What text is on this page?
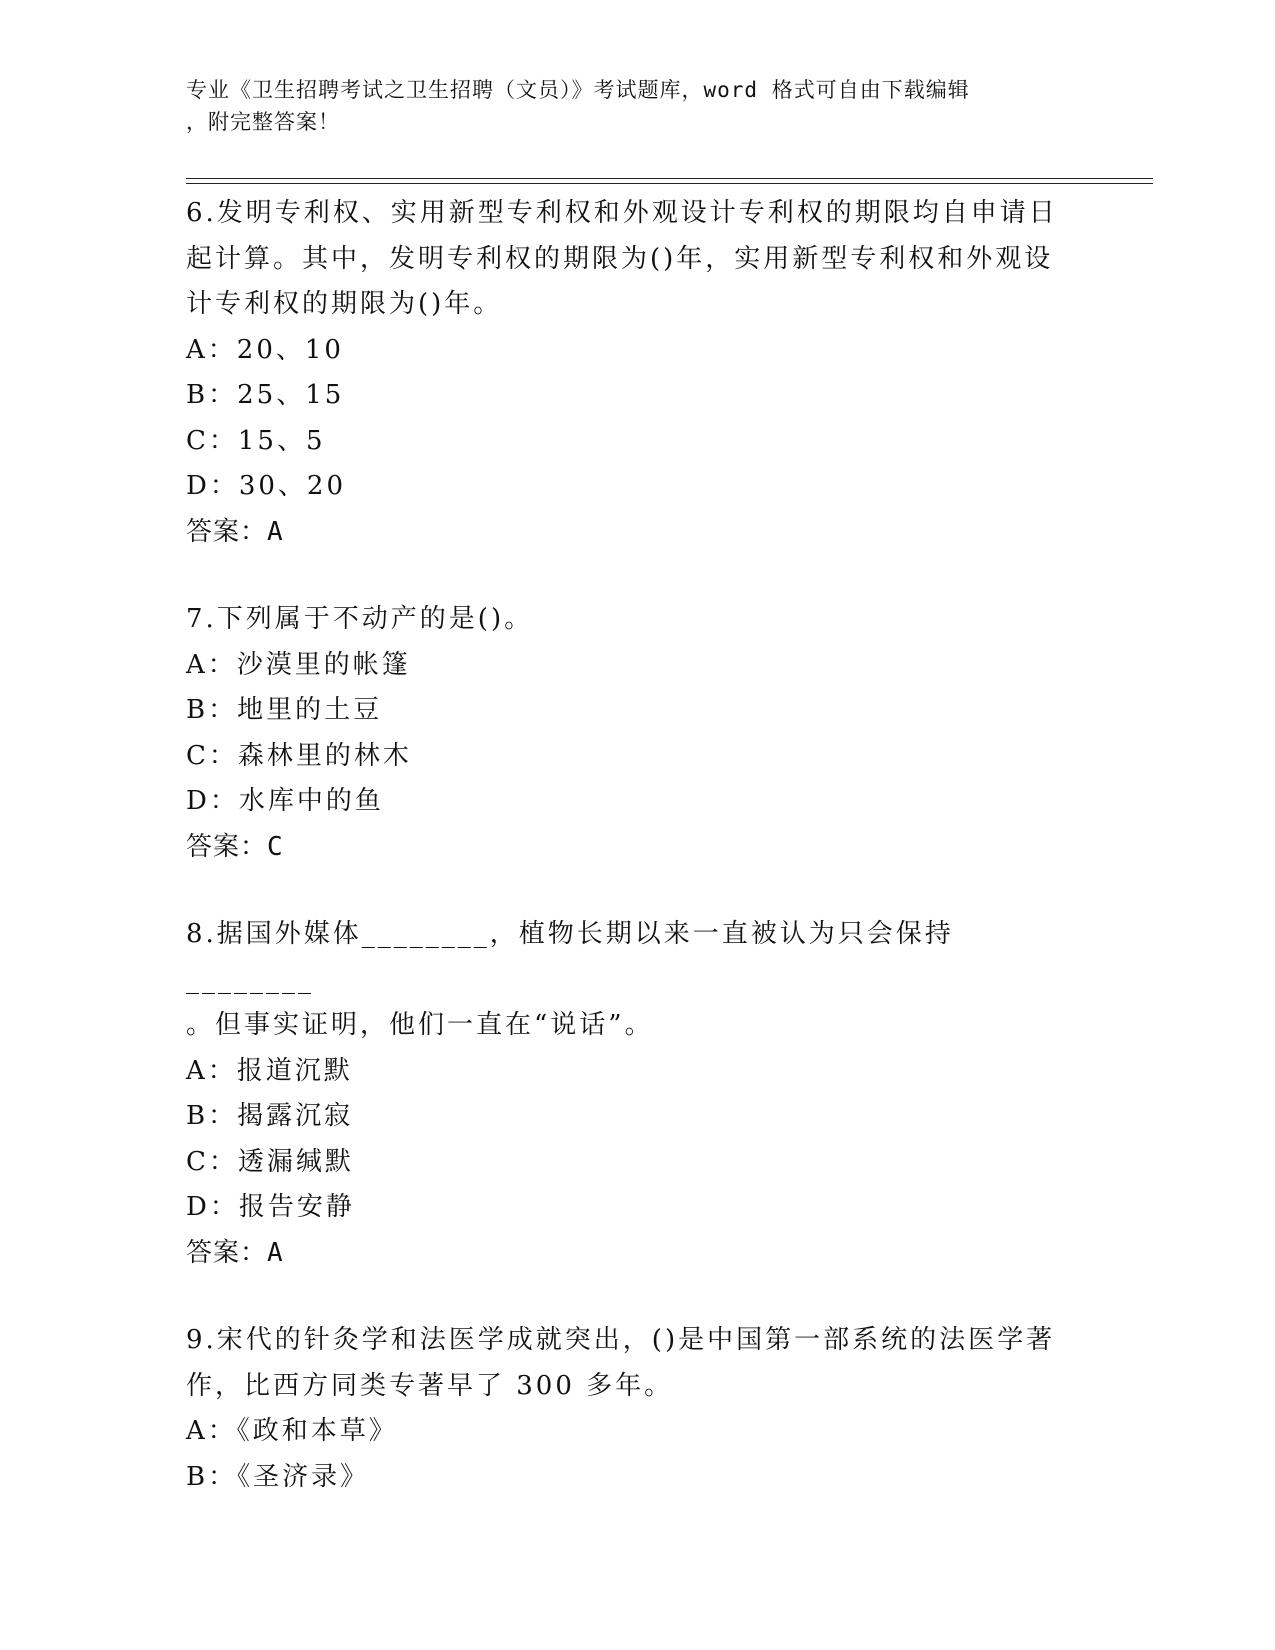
专业《卫生招聘考试之卫生招聘（文员）》考试题库，word 格式可自由下载编辑
，附完整答案！

6.发明专利权、实用新型专利权和外观设计专利权的期限均自申请日

起计算。其中，发明专利权的期限为()年，实用新型专利权和外观设

计专利权的期限为()年。

A：20、10

B：25、15

C：15、5

D：30、20

答案：A

7.下列属于不动产的是()。

A：沙漠里的帐篷

B：地里的土豆

C：森林里的林木

D：水库中的鱼

答案：C

8.据国外媒体________，植物长期以来一直被认为只会保持________

。但事实证明，他们一直在“说话”。

A：报道沉默

B：揭露沉寂

C：透漏缄默

D：报告安静

答案：A

9.宋代的针灸学和法医学成就突出，()是中国第一部系统的法医学著

作，比西方同类专著早了 300 多年。

A：《政和本草》

B：《圣济录》
